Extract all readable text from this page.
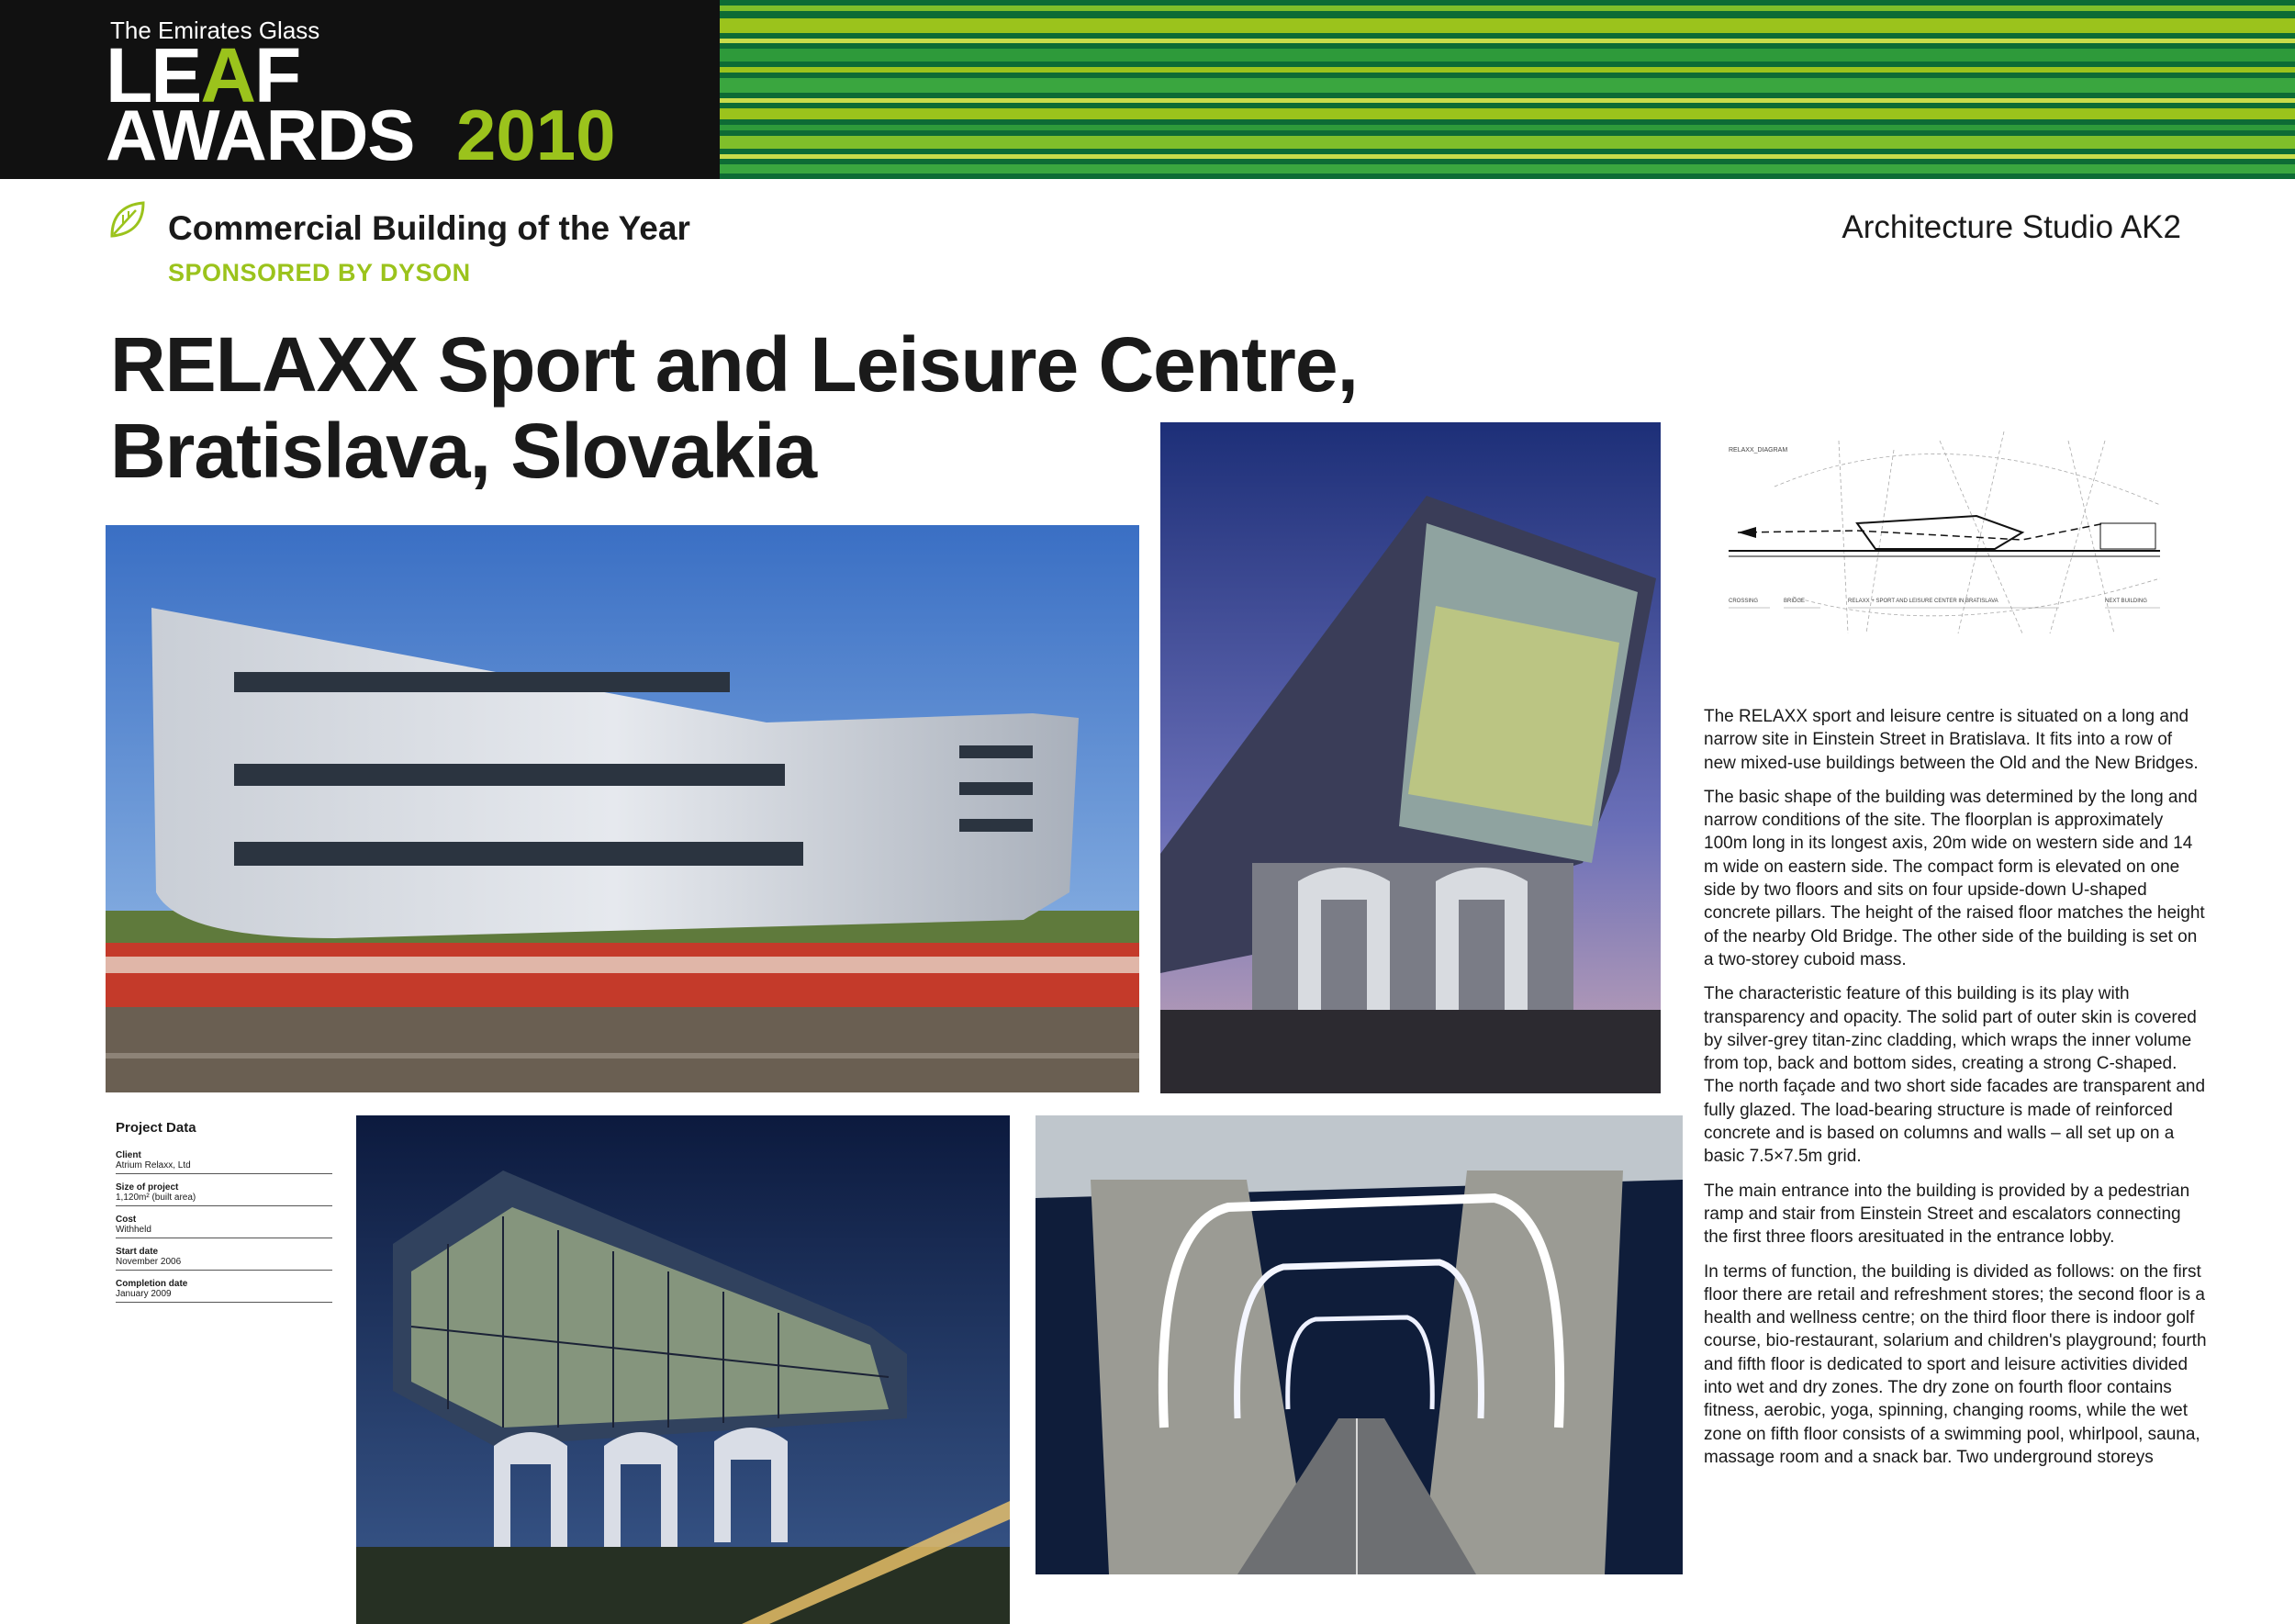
The Emirates Glass
LEAF
AWARDS 2010
Commercial Building of the Year
SPONSORED BY DYSON
Architecture Studio AK2
RELAXX Sport and Leisure Centre,
Bratislava, Slovakia	RELAXX_DIAGRAM
CROSSING	BRIDGE	RELAXX + SPORT AND LEISURE CENTER IN BRATISLAVA	NEXT BUILDING
Project Data
Client
Atrium Relaxx, Ltd
Size of project
1,120m² (built area)
Cost
Withheld
Start date
November 2006
Completion date
January 2009

The RELAXX sport and leisure centre is situated on a long and narrow site in Einstein Street in Bratislava. It fits into a row of new mixed-use buildings between the Old and the New Bridges.

The basic shape of the building was determined by the long and narrow conditions of the site. The floorplan is approximately 100m long in its longest axis, 20m wide on western side and 14 m wide on eastern side. The compact form is elevated on one side by two floors and sits on four upside-down U-shaped concrete pillars. The height of the raised floor matches the height of the nearby Old Bridge. The other side of the building is set on a two-storey cuboid mass.

The characteristic feature of this building is its play with transparency and opacity. The solid part of outer skin is covered by silver-grey titan-zinc cladding, which wraps the inner volume from top, back and bottom sides, creating a strong C-shaped. The north façade and two short side facades are transparent and fully glazed. The load-bearing structure is made of reinforced concrete and is based on columns and walls – all set up on a basic 7.5×7.5m grid.

The main entrance into the building is provided by a pedestrian ramp and stair from Einstein Street and escalators connecting the first three floors aresituated in the entrance lobby.

In terms of function, the building is divided as follows: on the first floor there are retail and refreshment stores; the second floor is a health and wellness centre; on the third floor there is indoor golf course, bio-restaurant, solarium and children's playground; fourth and fifth floor is dedicated to sport and leisure activities divided into wet and dry zones. The dry zone on fourth floor contains fitness, aerobic, yoga, spinning, changing rooms, while the wet zone on fifth floor consists of a swimming pool, whirlpool, sauna, massage room and a snack bar. Two underground storeys
